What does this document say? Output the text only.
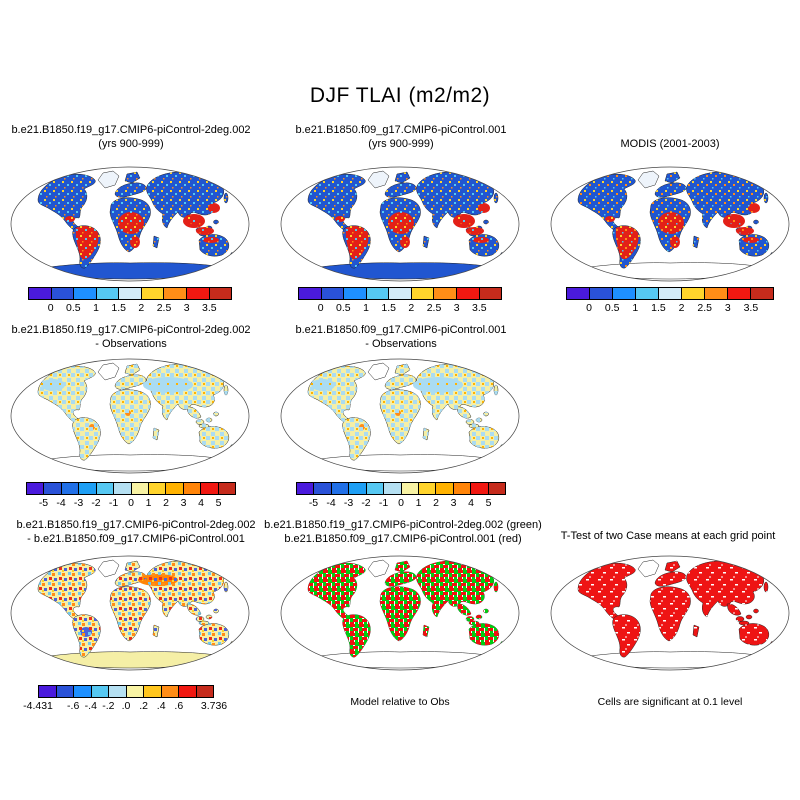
DJF TLAI (m2/m2)
b.e21.B1850.f19_g17.CMIP6-piControl-2deg.002
(yrs 900-999)
b.e21.B1850.f09_g17.CMIP6-piControl.001
(yrs 900-999)	MODIS (2001-2003)
0 0.5 1 1.5 2 2.5 3 3.5	0 0.5 1 1.5 2 2.5 3 3.5	0 0.5 1 1.5 2 2.5 3 3.5
b.e21.B1850.f19_g17.CMIP6-piControl-2deg.002
- Observations
b.e21.B1850.f09_g17.CMIP6-piControl.001
- Observations
-5 -4 -3 -2 -1 0 1 2 3 4 5	-5 -4 -3 -2 -1 0 1 2 3 4 5
b.e21.B1850.f19_g17.CMIP6-piControl-2deg.002
- b.e21.B1850.f09_g17.CMIP6-piControl.001
b.e21.B1850.f19_g17.CMIP6-piControl-2deg.002 (green)
b.e21.B1850.f09_g17.CMIP6-piControl.001 (red)	T-Test of two Case means at each grid point
-4.431 -.6 -.4 -.2 .0 .2 .4 .6 3.736	Model relative to Obs	Cells are significant at 0.1 level
